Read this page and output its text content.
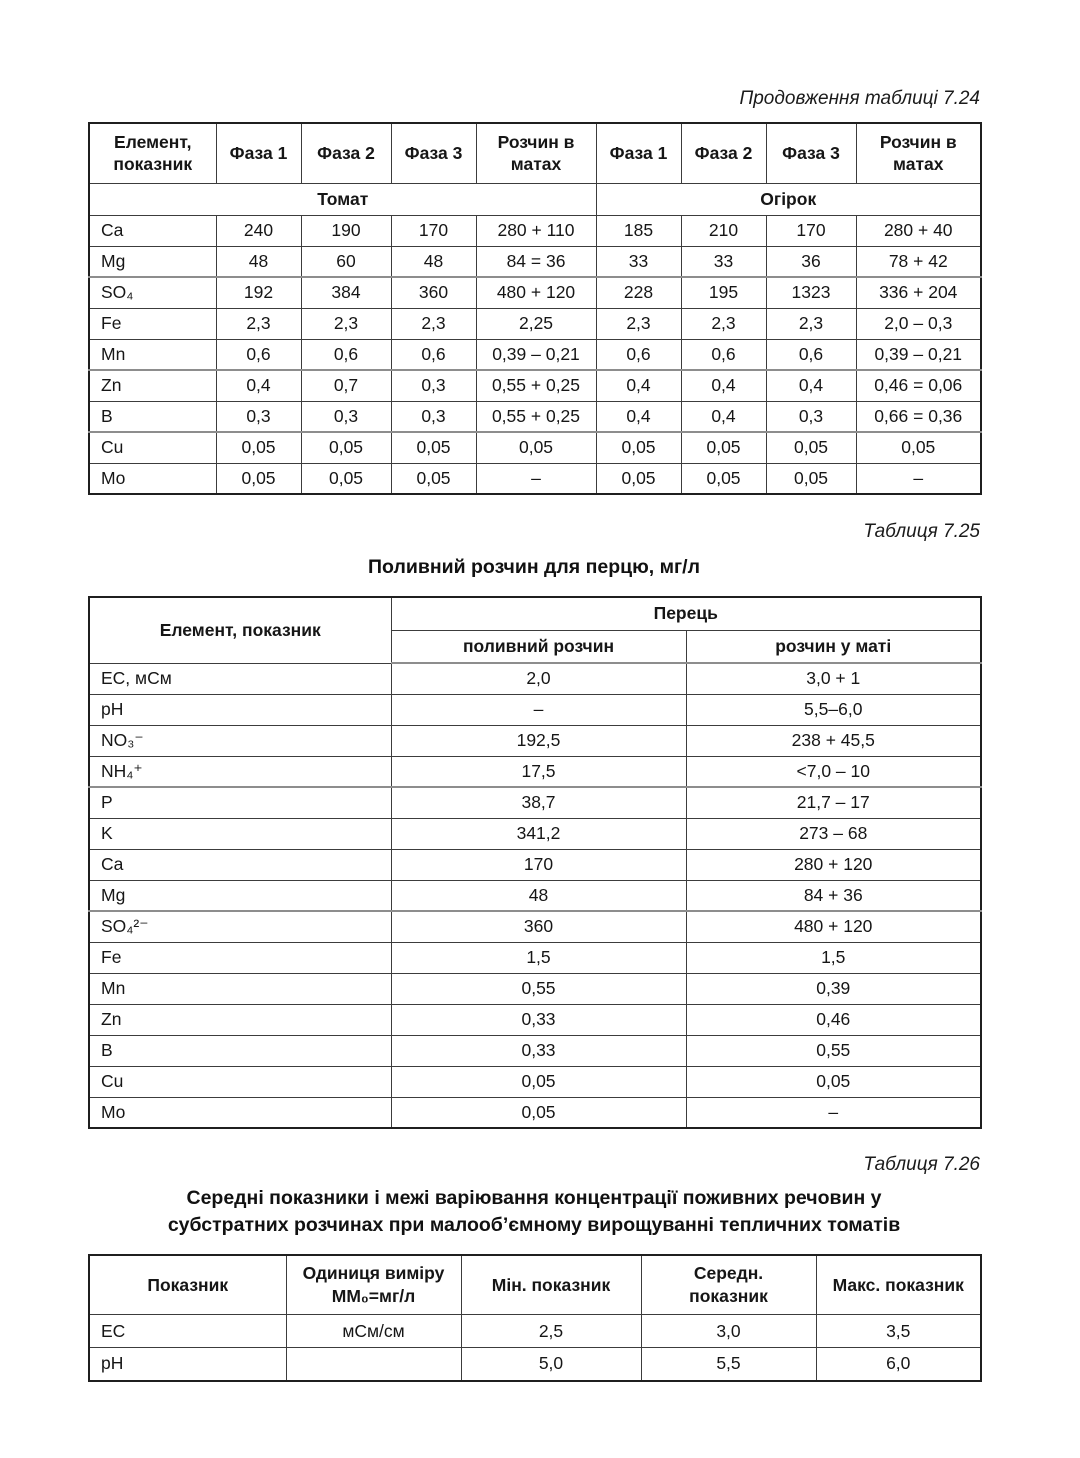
Продовження таблиці 7.24
Елемент, показник	Фаза 1	Фаза 2	Фаза 3	Розчин в матах	Фаза 1	Фаза 2	Фаза 3	Розчин в матах
Томат					Огірок			
Ca	240	190	170	280 + 110	185	210	170	280 + 40
Mg	48	60	48	84 = 36	33	33	36	78 + 42
SO₄	192	384	360	480 + 120	228	195	1323	336 + 204
Fe	2,3	2,3	2,3	2,25	2,3	2,3	2,3	2,0 – 0,3
Mn	0,6	0,6	0,6	0,39 – 0,21	0,6	0,6	0,6	0,39 – 0,21
Zn	0,4	0,7	0,3	0,55 + 0,25	0,4	0,4	0,4	0,46 = 0,06
B	0,3	0,3	0,3	0,55 + 0,25	0,4	0,4	0,3	0,66 = 0,36
Cu	0,05	0,05	0,05	0,05	0,05	0,05	0,05	0,05
Mo	0,05	0,05	0,05	–	0,05	0,05	0,05	–
Таблиця 7.25
Поливний розчин для перцю, мг/л
Елемент, показник	Перець	
	поливний розчин	розчин у маті
EC, мСм	2,0	3,0 + 1
pH	–	5,5–6,0
NO₃⁻	192,5	238 + 45,5
NH₄⁺	17,5	<7,0 – 10
P	38,7	21,7 – 17
K	341,2	273 – 68
Ca	170	280 + 120
Mg	48	84 + 36
SO₄²⁻	360	480 + 120
Fe	1,5	1,5
Mn	0,55	0,39
Zn	0,33	0,46
B	0,33	0,55
Cu	0,05	0,05
Mo	0,05	–
Таблиця 7.26
Середні показники і межі варіювання концентрації поживних речовин у
субстратних розчинах при малооб’ємному вирощуванні тепличних томатів
Показник	Одиниця виміру ММ₀=мг/л	Мін. показник	Середн. показник	Макс. показник
EC	мСм/см	2,5	3,0	3,5
pH		5,0	5,5	6,0
